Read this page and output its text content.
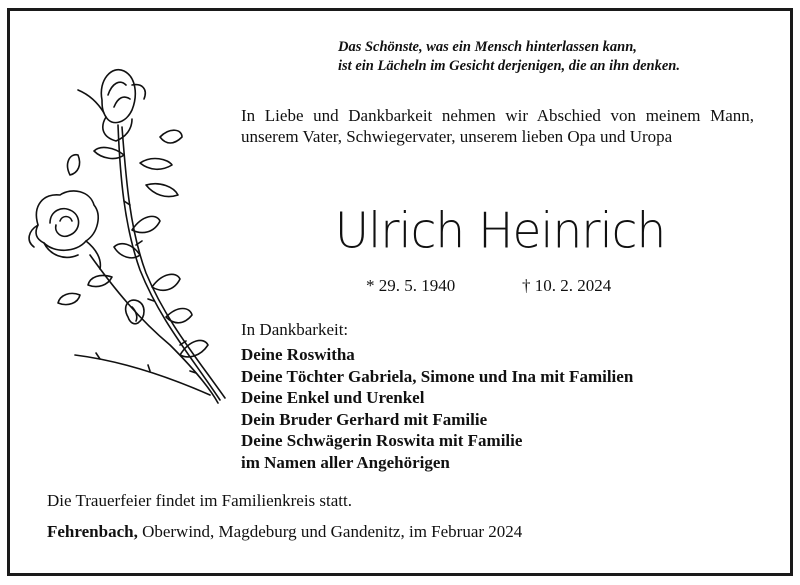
Das Schönste, was ein Mensch hinterlassen kann,
ist ein Lächeln im Gesicht derjenigen, die an ihn denken.
In Liebe und Dankbarkeit nehmen wir Abschied von meinem Mann, unserem Vater, Schwiegervater, unserem lieben Opa und Uropa
Ulrich Heinrich
* 29. 5. 1940	† 10. 2. 2024
In Dankbarkeit:
Deine Roswitha
Deine Töchter Gabriela, Simone und Ina mit Familien
Deine Enkel und Urenkel
Dein Bruder Gerhard mit Familie
Deine Schwägerin Roswita mit Familie
im Namen aller Angehörigen
Die Trauerfeier findet im Familienkreis statt.
Fehrenbach, Oberwind, Magdeburg und Gandenitz, im Februar 2024
